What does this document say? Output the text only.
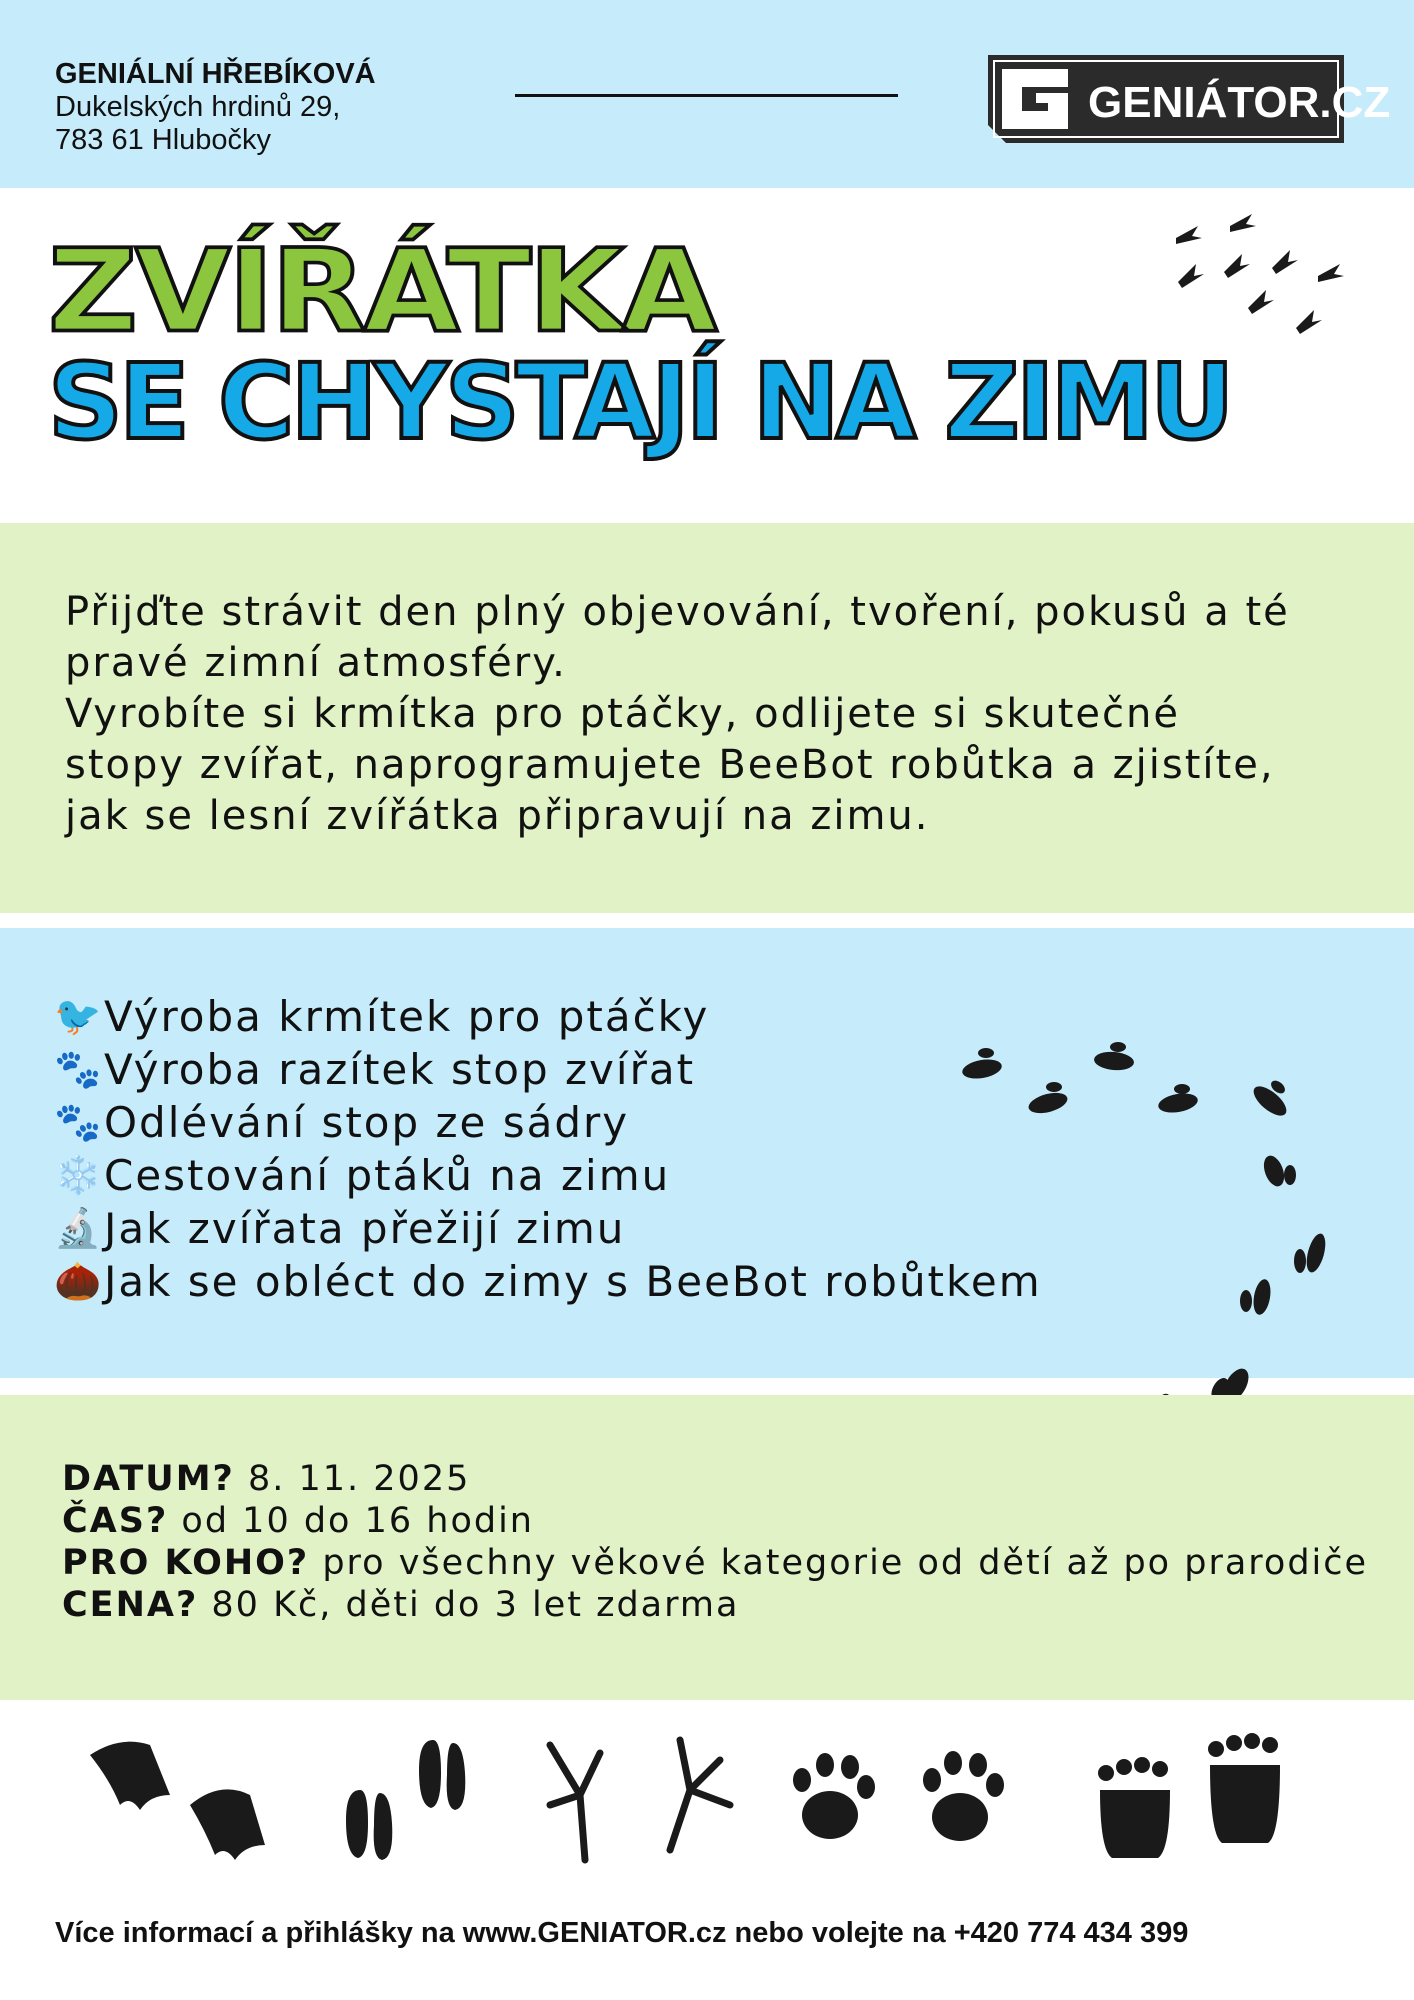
GENIÁLNÍ HŘEBÍKOVÁ
Dukelských hrdinů 29,
783 61 Hlubočky
GENIÁTOR.CZ
ZVÍŘÁTKA
SE CHYSTAJÍ NA ZIMU
Přijďte strávit den plný objevování, tvoření, pokusů a té
pravé zimní atmosféry.
Vyrobíte si krmítka pro ptáčky, odlijete si skutečné
stopy zvířat, naprogramujete BeeBot robůtka a zjistíte,
jak se lesní zvířátka připravují na zimu.
🐦 Výroba krmítek pro ptáčky
🐾 Výroba razítek stop zvířat
🐾 Odlévání stop ze sádry
❄️ Cestování ptáků na zimu
🔬 Jak zvířata přežijí zimu
🌰 Jak se obléct do zimy s BeeBot robůtkem
DATUM? 8. 11. 2025
ČAS? od 10 do 16 hodin
PRO KOHO? pro všechny věkové kategorie od dětí až po prarodiče
CENA? 80 Kč, děti do 3 let zdarma
Více informací a přihlášky na www.GENIATOR.cz nebo volejte na +420 774 434 399
